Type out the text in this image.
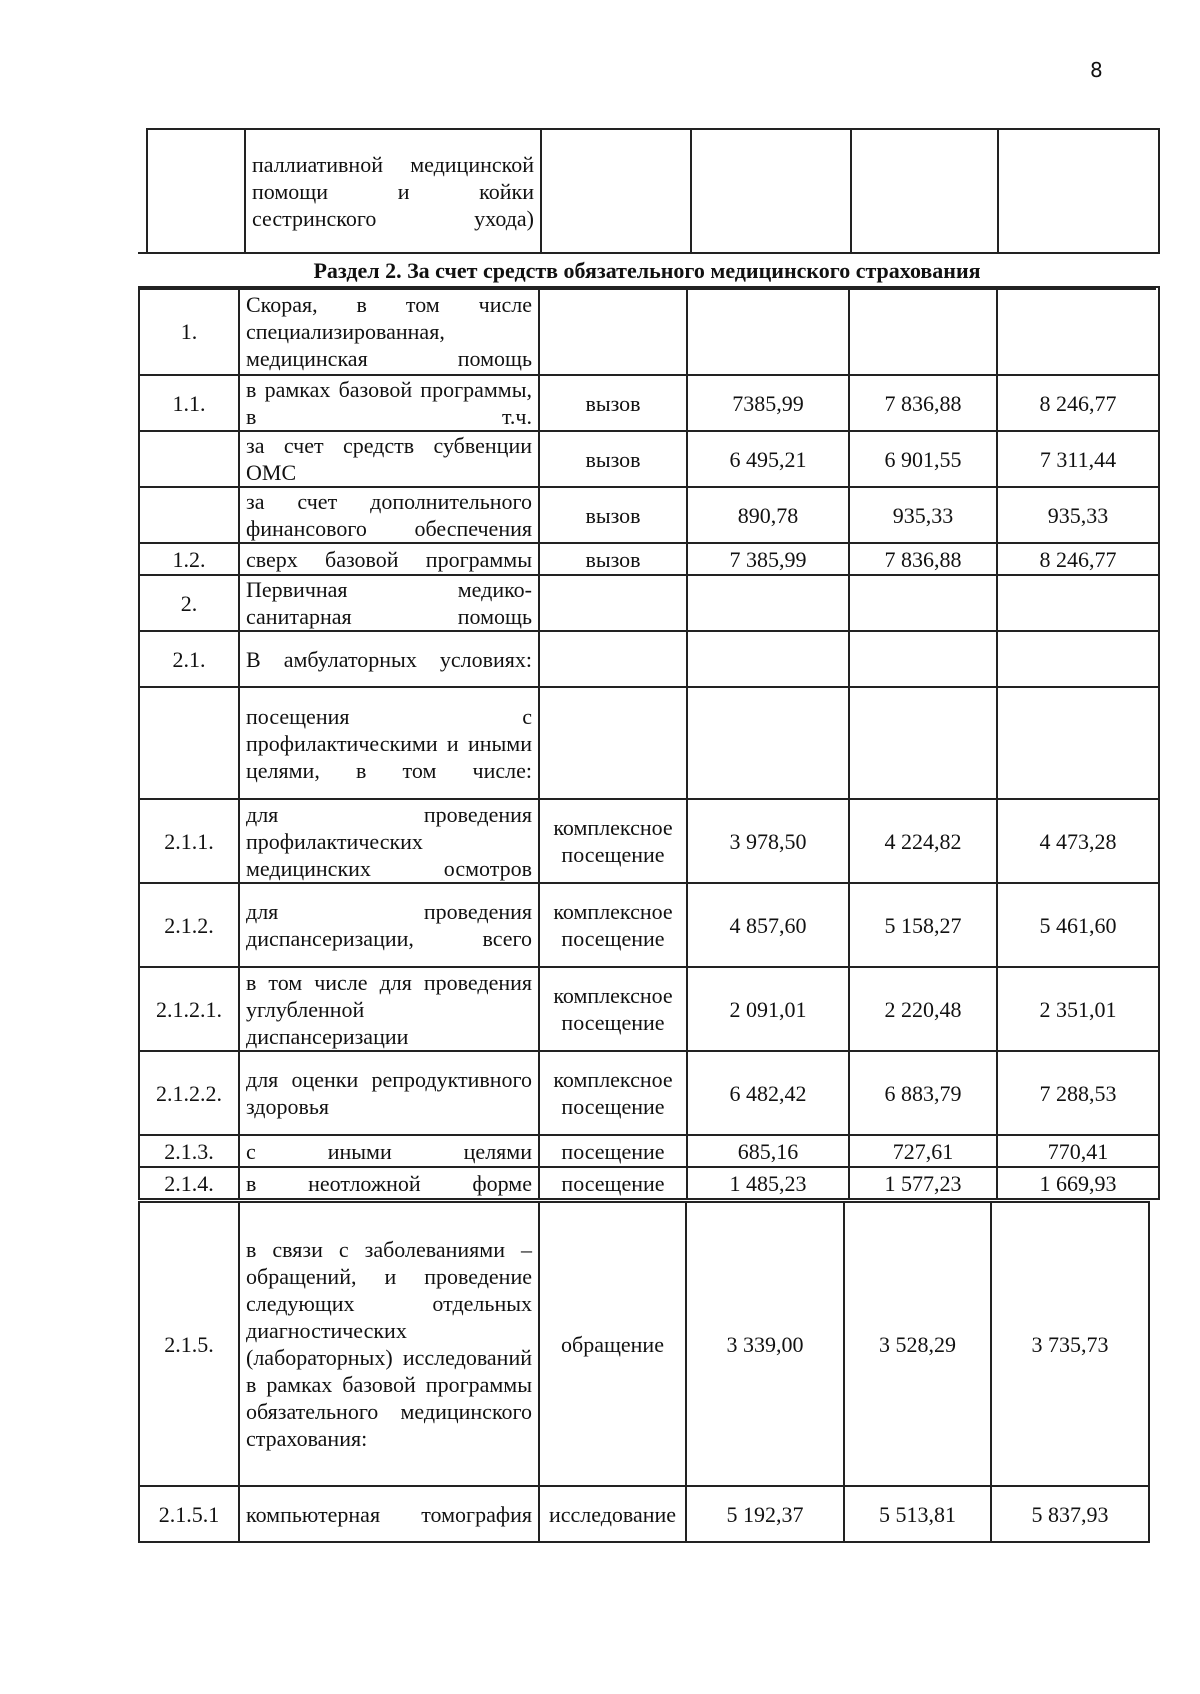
8
	паллиативной медицинской помощи и койки сестринского ухода)				
Раздел 2. За счет средств обязательного медицинского страхования
1.	Скорая, в том числе специализированная, медицинская помощь				
1.1.	в рамках базовой программы, в т.ч.	вызов	7385,99	7 836,88	8 246,77
	за счет средств субвенции ОМС	вызов	6 495,21	6 901,55	7 311,44
	за счет дополнительного финансового обеспечения	вызов	890,78	935,33	935,33
1.2.	сверх базовой программы	вызов	7 385,99	7 836,88	8 246,77
2.	Первичная медико-санитарная помощь				
2.1.	В амбулаторных условиях:				
	посещения с профилактическими и иными целями, в том числе:				
2.1.1.	для проведения профилактических медицинских осмотров	комплексное посещение	3 978,50	4 224,82	4 473,28
2.1.2.	для проведения диспансеризации, всего	комплексное посещение	4 857,60	5 158,27	5 461,60
2.1.2.1.	в том числе для проведения углубленной диспансеризации	комплексное посещение	2 091,01	2 220,48	2 351,01
2.1.2.2.	для оценки репродуктивного здоровья	комплексное посещение	6 482,42	6 883,79	7 288,53
2.1.3.	с иными целями	посещение	685,16	727,61	770,41
2.1.4.	в неотложной форме	посещение	1 485,23	1 577,23	1 669,93
2.1.5.	в связи с заболеваниями – обращений, и проведение следующих отдельных диагностических (лабораторных) исследований в рамках базовой программы обязательного медицинского страхования:	обращение	3 339,00	3 528,29	3 735,73
2.1.5.1	компьютерная томография	исследование	5 192,37	5 513,81	5 837,93
